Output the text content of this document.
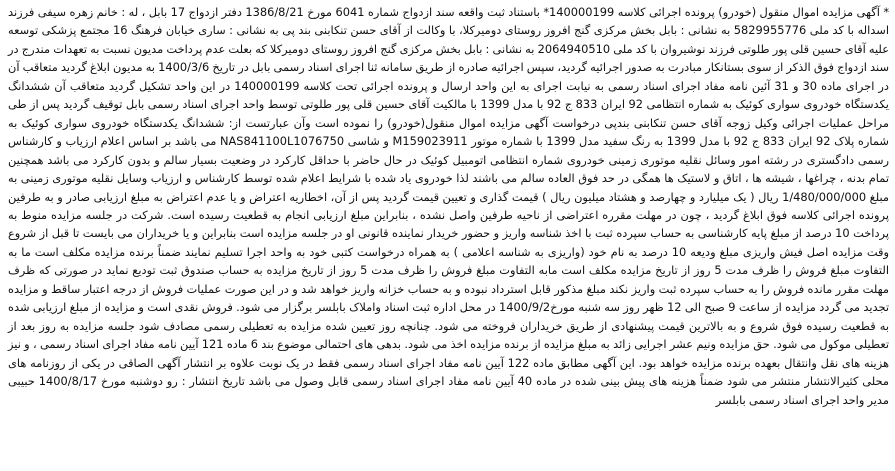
* آگهی مزایده اموال منقول (خودرو) پرونده اجرائی کلاسه 140000199* باستناد ثبت واقعه سند ازدواج شماره 6041 مورخ 1386/8/21 دفتر ازدواج 17 بابل ، له : خانم زهره سیفی فرزند اسداله با کد ملی 5829955776 به نشانی : بابل بخش مرکزی گنج افروز روستای دومیرکلا، با وکالت از آقای حسن تنکابنی بند پی به نشانی : ساری خیابان فرهنگ 16 مجتمع پزشکی توسعه علیه آقای حسین قلی پور طلوتی فرزند نوشیروان با کد ملی 2064940510 به نشانی : بابل بخش مرکزی گنج افروز روستای دومیرکلا که بعلت عدم پرداخت مدیون نسبت به تعهدات مندرج در سند ازدواج فوق الذکر از سوی بستانکار مبادرت به صدور اجرائیه گردید، سپس اجرائیه صادره از طریق سامانه ثنا اجرای اسناد رسمی بابل در تاریخ 1400/3/6 به مدیون ابلاغ گردید متعاقب آن در اجرای ماده 30 و 31 آئین نامه مفاد اجرای اسناد رسمی به نیابت اجرای به این واحد ارسال و پرونده اجرائی تحت کلاسه 140000199 در این واحد تشکیل گردید متعاقب آن ششدانگ یکدستگاه خودروی سواری کوئیک به شماره انتظامی 92 ایران 833 ج 92 با مدل 1399 با مالکیت آقای حسین قلی پور طلوتی توسط واحد اجرای اسناد رسمی بابل توقیف گردید پس از طی مراحل عملیات اجرائی وکیل زوجه آقای حسن تنکابنی بندپی درخواست آگهی مزایده اموال منقول(خودرو) را نموده است وآن عبارتست از: ششدانگ یکدستگاه خودروی سواری کوئیک به شماره پلاک 92 ایران 833 ج 92 با مدل 1399 به رنگ سفید مدل 1399 با شماره موتور M159023911 و شاسی NAS841100L1076750 می باشد بر اساس اعلام ارزیاب و کارشناس رسمی دادگستری در رشته امور وسائل نقلیه موتوری زمینی خودروی شماره انتظامی اتومبیل کوئیک در حال حاضر با حداقل کارکرد در وضعیت بسیار سالم و بدون کارکرد می باشد همچنین تمام بدنه ، چراغها ، شیشه ها ، اتاق و لاستیک ها همگی در حد فوق العاده سالم می باشند لذا خودروی یاد شده با شرایط اعلام شده توسط کارشناس و ارزیاب وسایل نقلیه موتوری زمینی به مبلغ 1/480/000/000 ریال ( یک میلیارد و چهارصد و هشتاد میلیون ریال ) قیمت گذاری و تعیین قیمت گردید پس از آن، اخطاریه اعتراض و یا عدم اعتراض به مبلغ ارزیابی صادر و به طرفین پرونده اجرائی کلاسه فوق ابلاغ گردید ، چون در مهلت مقرره اعتراضی از ناحیه طرفین واصل نشده ، بنابراین مبلغ ارزیابی انجام به قطعیت رسیده است. شرکت در جلسه مزایده منوط به پرداخت 10 درصد از مبلغ پایه کارشناسی به حساب سپرده ثبت با اخذ شناسه واریز و حضور خریدار نماینده قانونی او در جلسه مزایده است بنابراین و یا خریداران می بایست تا قبل از شروع وقت مزایده اصل فیش واریزی مبلغ ودیعه 10 درصد به نام خود (واریزی به شناسه اعلامی ) به همراه درخواست کتبی خود به واحد اجرا تسلیم نمایند ضمناً برنده مزایده مکلف است ما به التفاوت مبلغ فروش را ظرف مدت 5 روز از تاریخ مزایده مکلف است مابه التفاوت مبلغ فروش را ظرف مدت 5 روز از تاریخ مزایده به حساب صندوق ثبت تودیع نماید در صورتی که ظرف مهلت مقرر مانده فروش را به حساب سپرده ثبت واریز نکند مبلغ مذکور قابل استرداد نبوده و به حساب خزانه واریز خواهد شد و در این صورت عملیات فروش از درجه اعتبار ساقط و مزایده تجدید می گردد مزایده از ساعت 9 صبح الی 12 ظهر روز سه شنبه مورخ1400/9/2 در محل اداره ثبت اسناد واملاک بابلسر برگزار می شود. فروش نقدی است و مزایده از مبلغ ارزیابی شده به قطعیت رسیده فوق شروع و به بالاترین قیمت پیشنهادی از طریق خریداران فروخته می شود. چنانچه روز تعیین شده مزایده به تعطیلی رسمی مصادف شود جلسه مزایده به روز بعد از تعطیلی موکول می شود. حق مزایده ونیم عشر اجرایی زائد به مبلغ مزایده از برنده مزایده اخذ می شود. بدهی های احتمالی موضوع بند 6 ماده 121 آیین نامه مفاد اجرای اسناد رسمی ، و نیز هزینه های نقل وانتقال بعهده برنده مزایده خواهد بود. این آگهی مطابق ماده 122 آیین نامه مفاد اجرای اسناد رسمی فقط در یک نوبت علاوه بر انتشار آگهی الصاقی در یکی از روزنامه های محلی کثیرالانتشار منتشر می شود ضمناً هزینه های پیش بینی شده در ماده 40 آیین نامه مفاد اجرای اسناد رسمی قابل وصول می باشد تاریخ انتشار : رو دوشنبه مورخ 1400/8/17 حبیبی مدیر واحد اجرای اسناد رسمی بابلسر
